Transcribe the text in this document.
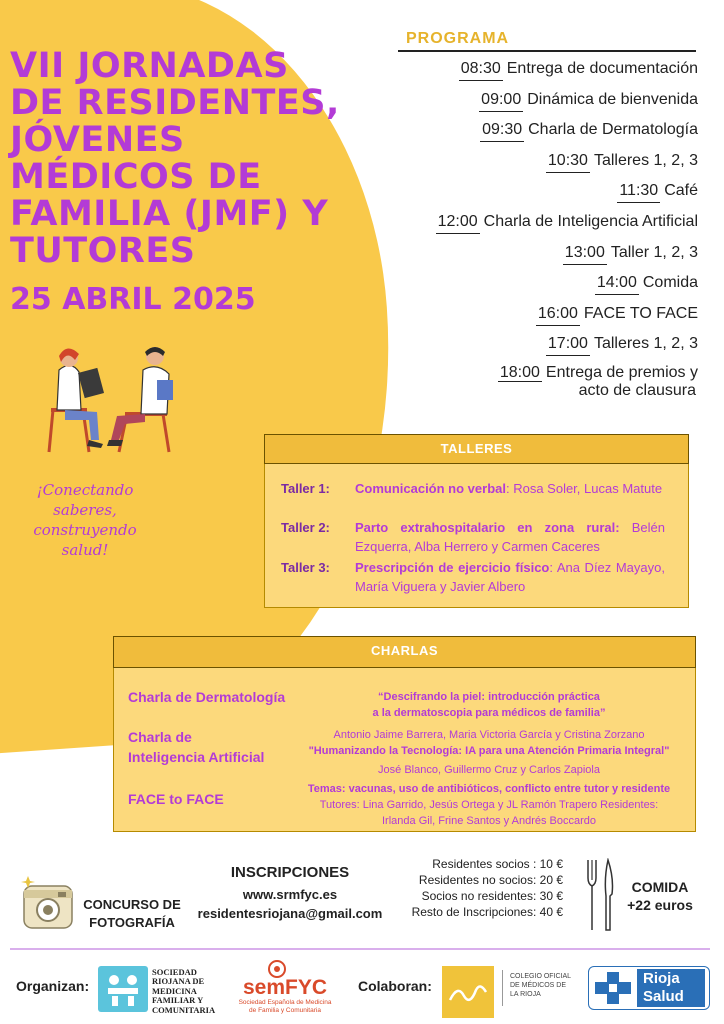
VII JORNADAS DE RESIDENTES, JÓVENES MÉDICOS DE FAMILIA (JMF) Y TUTORES
25 ABRIL 2025
¡Conectando saberes, construyendo salud!
PROGRAMA
08:30 Entrega de documentación
09:00 Dinámica de bienvenida
09:30 Charla de Dermatología
10:30 Talleres 1, 2, 3
11:30 Café
12:00 Charla de Inteligencia Artificial
13:00 Taller 1, 2, 3
14:00 Comida
16:00 FACE TO FACE
17:00 Talleres 1, 2, 3
18:00 Entrega de premios y
acto de clausura
Taller 1: Comunicación no verbal: Rosa Soler, Lucas Matute
Taller 2: Parto extrahospitalario en zona rural: Belén Ezquerra, Alba Herrero y Carmen Caceres
Taller 3: Prescripción de ejercicio físico: Ana Díez Mayayo, María Viguera y Javier Albero
TALLERES
Charla de Dermatología	“Descifrando la piel: introducción práctica
a la dermatoscopia para médicos de familia”
Charla de
Inteligencia Artificial
Antonio Jaime Barrera, Maria Victoria García y Cristina Zorzano
"Humanizando la Tecnología: IA para una Atención Primaria Integral"
José Blanco, Guillermo Cruz y Carlos Zapiola
FACE to FACE
Temas: vacunas, uso de antibióticos, conflicto entre tutor y residente
Tutores: Lina Garrido, Jesús Ortega y JL Ramón Trapero Residentes:
Irlanda Gil, Frine Santos y Andrés Boccardo
CHARLAS
CONCURSO DE
FOTOGRAFÍA
INSCRIPCIONES
www.srmfyc.es
residentesriojana@gmail.com
Residentes socios : 10 €
Residentes no socios: 20 €
Socios no residentes: 30 €
Resto de Inscripciones: 40 €
COMIDA
+22 euros
Organizan:
SOCIEDAD
RIOJANA DE
MEDICINA
FAMILIAR Y
COMUNITARIA
semFYC
Sociedad Española de Medicina
de Familia y Comunitaria
Colaboran:
COLEGIO OFICIAL
DE MÉDICOS DE
LA RIOJA
Rioja
Salud
